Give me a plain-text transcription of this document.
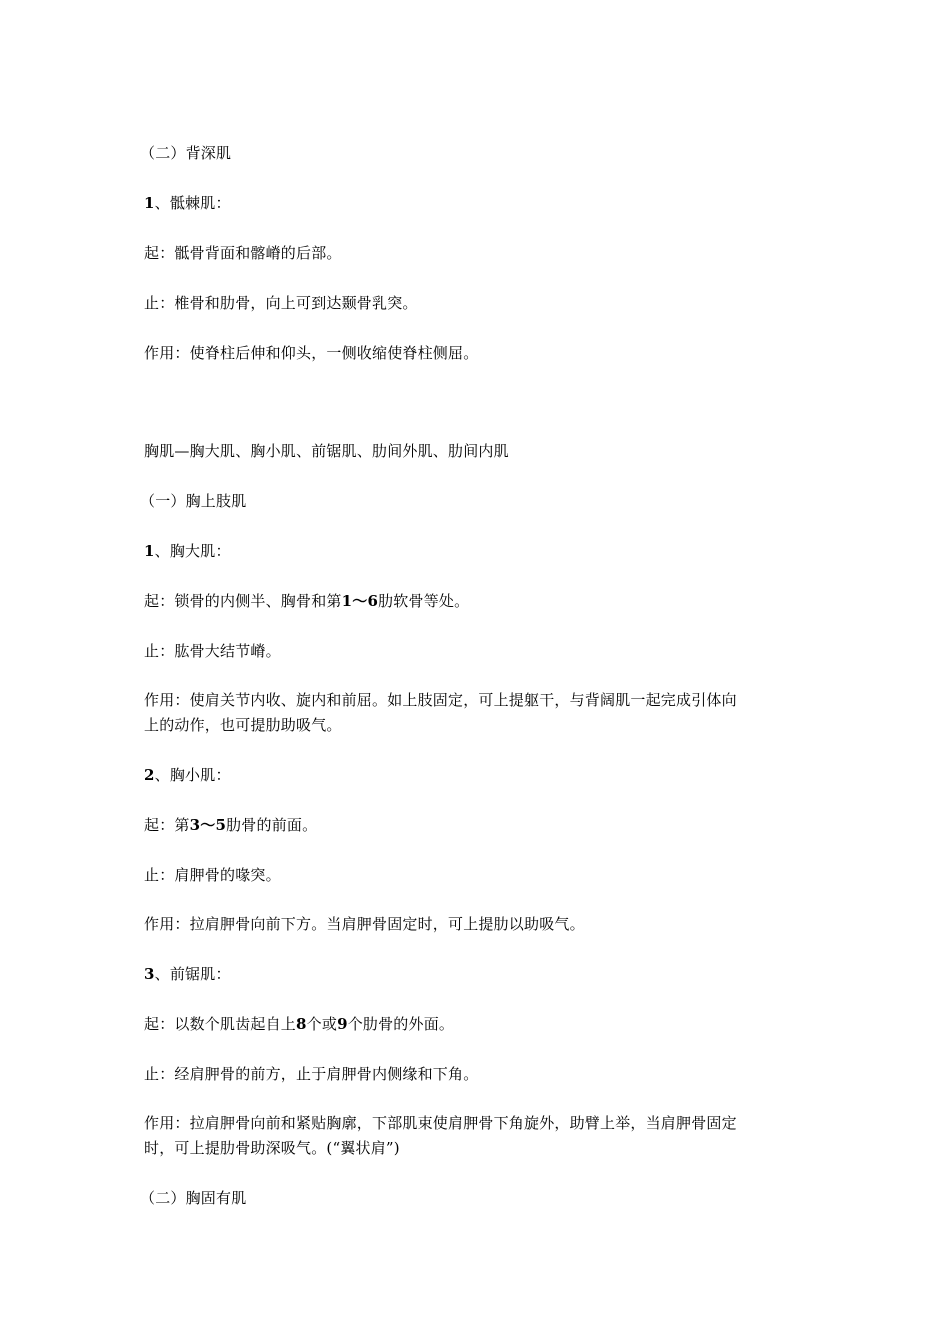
（二）背深肌
1、骶棘肌：
起：骶骨背面和髂嵴的后部。
止：椎骨和肋骨，向上可到达颞骨乳突。
作用：使脊柱后伸和仰头，一侧收缩使脊柱侧屈。
胸肌—胸大肌、胸小肌、前锯肌、肋间外肌、肋间内肌
（一）胸上肢肌
1、胸大肌：
起：锁骨的内侧半、胸骨和第1～6肋软骨等处。
止：肱骨大结节嵴。
作用：使肩关节内收、旋内和前屈。如上肢固定，可上提躯干，与背阔肌一起完成引体向
上的动作，也可提肋助吸气。
2、胸小肌：
起：第3～5肋骨的前面。
止：肩胛骨的喙突。
作用：拉肩胛骨向前下方。当肩胛骨固定时，可上提肋以助吸气。
3、前锯肌：
起：以数个肌齿起自上8个或9个肋骨的外面。
止：经肩胛骨的前方，止于肩胛骨内侧缘和下角。
作用：拉肩胛骨向前和紧贴胸廓，下部肌束使肩胛骨下角旋外，助臂上举，当肩胛骨固定
时，可上提肋骨助深吸气。(“翼状肩”)
（二）胸固有肌
